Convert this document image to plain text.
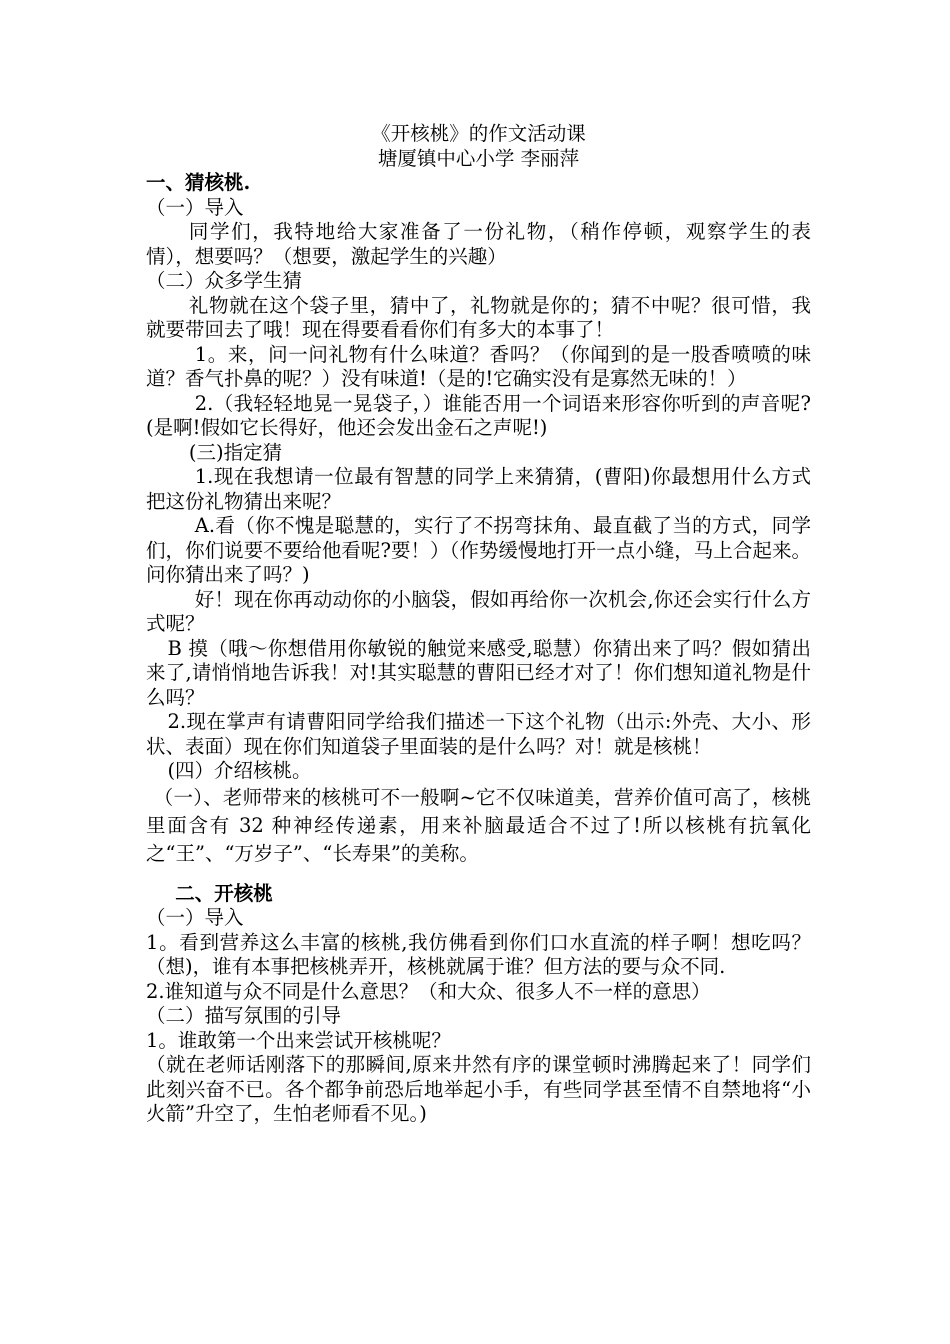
《开核桃》的作文活动课

塘厦镇中心小学 李丽萍

一、猜核桃.

（一）导入

同学们，我特地给大家准备了一份礼物，（稍作停顿，观察学生的表情），想要吗？（想要，激起学生的兴趣）

（二）众多学生猜

礼物就在这个袋子里，猜中了，礼物就是你的；猜不中呢？很可惜，我就要带回去了哦！现在得要看看你们有多大的本事了！

1。来，问一问礼物有什么味道？香吗？（你闻到的是一股香喷喷的味道？香气扑鼻的呢？）没有味道!（是的!它确实没有是寡然无味的！）

2.（我轻轻地晃一晃袋子，）谁能否用一个词语来形容你听到的声音呢?(是啊!假如它长得好，他还会发出金石之声呢!)

(三)指定猜

1.现在我想请一位最有智慧的同学上来猜猜，(曹阳)你最想用什么方式把这份礼物猜出来呢？

A.看（你不愧是聪慧的，实行了不拐弯抹角、最直截了当的方式，同学们，你们说要不要给他看呢?要！）（作势缓慢地打开一点小缝，马上合起来。问你猜出来了吗？)

好！现在你再动动你的小脑袋，假如再给你一次机会,你还会实行什么方式呢？

B 摸（哦～你想借用你敏锐的触觉来感受,聪慧）你猜出来了吗？假如猜出来了,请悄悄地告诉我！对!其实聪慧的曹阳已经才对了！你们想知道礼物是什么吗？

2.现在掌声有请曹阳同学给我们描述一下这个礼物（出示:外壳、大小、形状、表面）现在你们知道袋子里面装的是什么吗？对！就是核桃！

(四）介绍核桃。

（一）、老师带来的核桃可不一般啊~它不仅味道美，营养价值可高了，核桃里面含有 32 种神经传递素，用来补脑最适合不过了!所以核桃有抗氧化之“王”、“万岁子”、“长寿果”的美称。

二、开核桃

（一）导入

1。看到营养这么丰富的核桃,我仿佛看到你们口水直流的样子啊！想吃吗？（想)，谁有本事把核桃弄开，核桃就属于谁？但方法的要与众不同.

2.谁知道与众不同是什么意思？（和大众、很多人不一样的意思）

（二）描写氛围的引导

1。谁敢第一个出来尝试开核桃呢？

（就在老师话刚落下的那瞬间,原来井然有序的课堂顿时沸腾起来了！同学们此刻兴奋不已。各个都争前恐后地举起小手，有些同学甚至情不自禁地将“小火箭”升空了，生怕老师看不见。)
